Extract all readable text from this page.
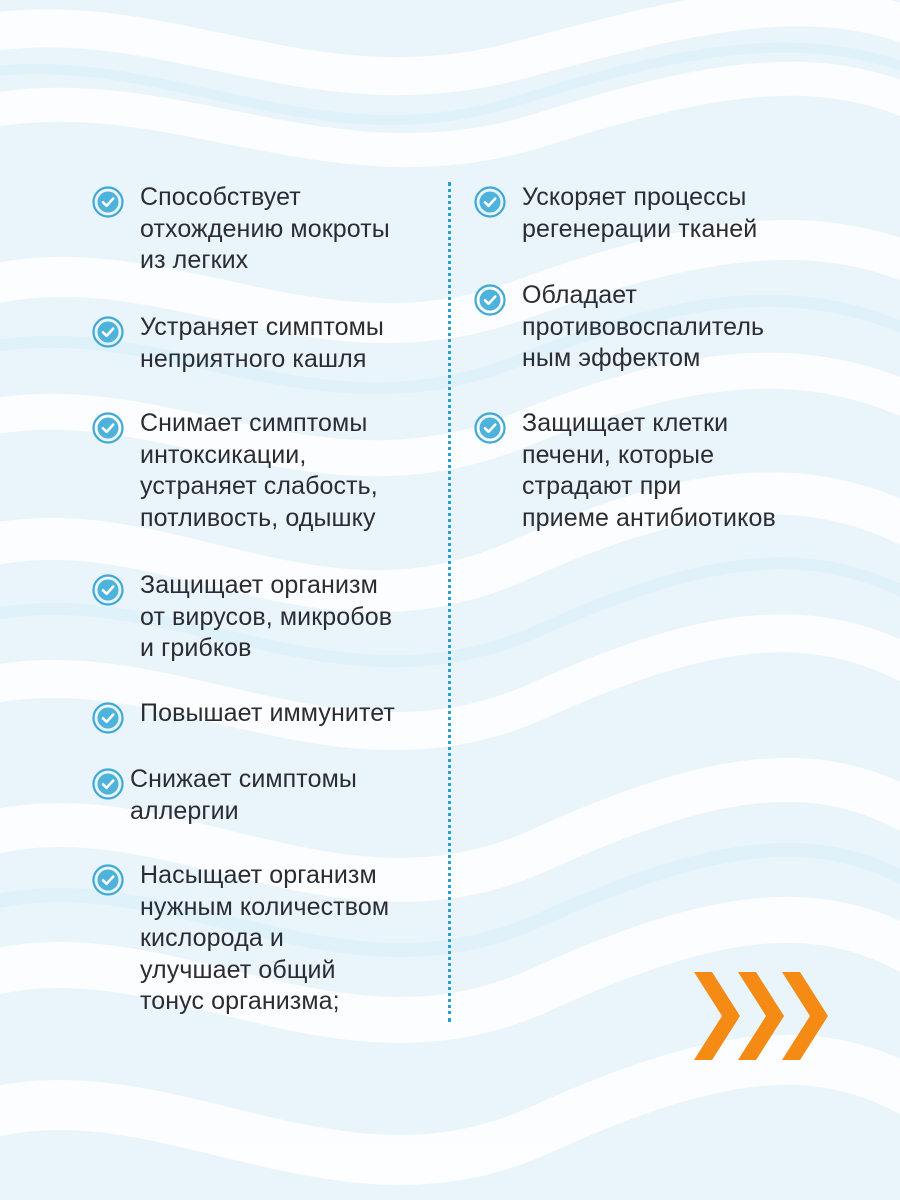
Способствует
отхождению мокроты
из легких
Устраняет симптомы
неприятного кашля
Снимает симптомы
интоксикации,
устраняет слабость,
потливость, одышку
Защищает организм
от вирусов, микробов
и грибков
Повышает иммунитет
Снижает симптомы
аллергии
Насыщает организм
нужным количеством
кислорода и
улучшает общий
тонус организма;
Ускоряет процессы
регенерации тканей
Обладает
противовоспалитель
ным эффектом
Защищает клетки
печени, которые
страдают при
приеме антибиотиков
